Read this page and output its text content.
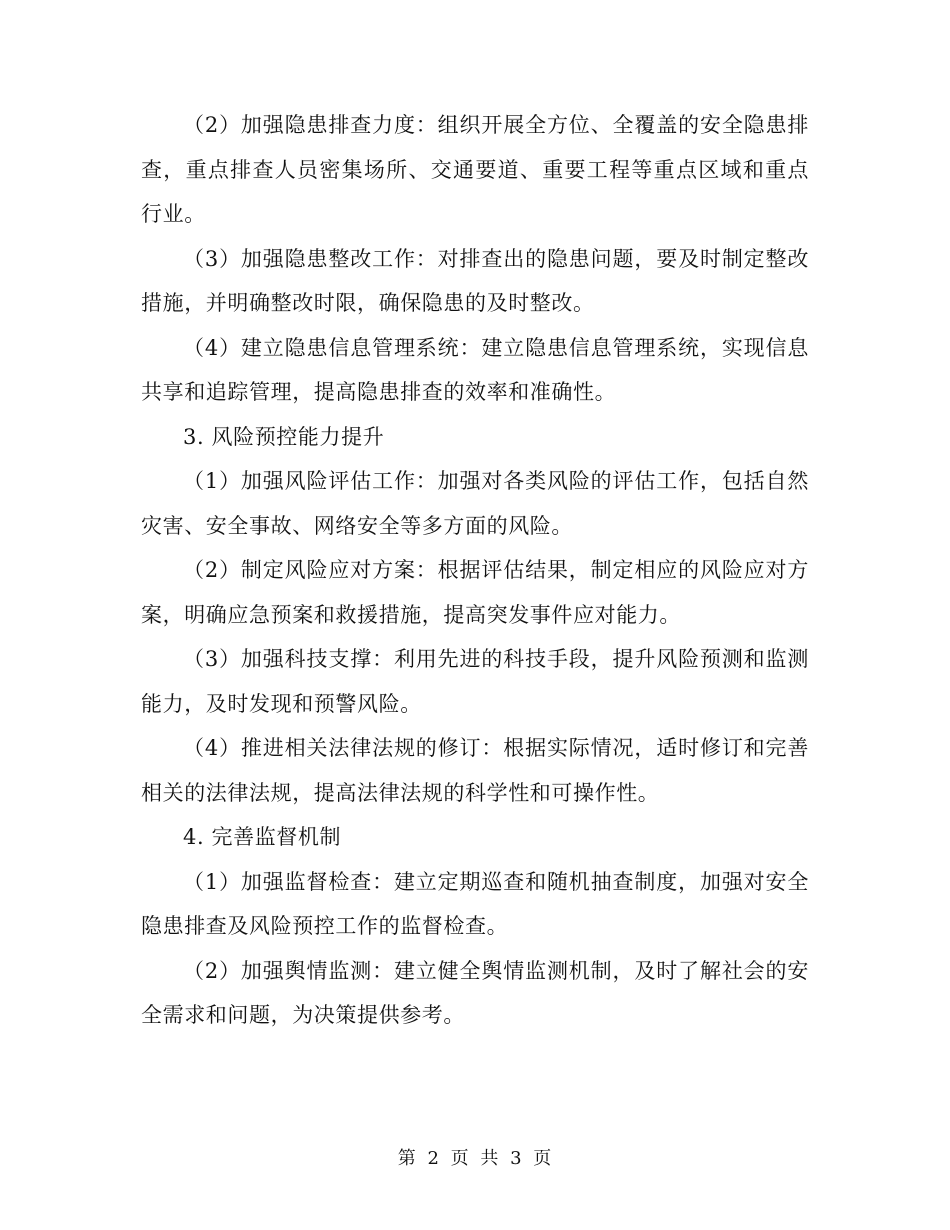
（2）加强隐患排查力度：组织开展全方位、全覆盖的安全隐患排查，重点排查人员密集场所、交通要道、重要工程等重点区域和重点行业。

（3）加强隐患整改工作：对排查出的隐患问题，要及时制定整改措施，并明确整改时限，确保隐患的及时整改。

（4）建立隐患信息管理系统：建立隐患信息管理系统，实现信息共享和追踪管理，提高隐患排查的效率和准确性。

3. 风险预控能力提升

（1）加强风险评估工作：加强对各类风险的评估工作，包括自然灾害、安全事故、网络安全等多方面的风险。

（2）制定风险应对方案：根据评估结果，制定相应的风险应对方案，明确应急预案和救援措施，提高突发事件应对能力。

（3）加强科技支撑：利用先进的科技手段，提升风险预测和监测能力，及时发现和预警风险。

（4）推进相关法律法规的修订：根据实际情况，适时修订和完善相关的法律法规，提高法律法规的科学性和可操作性。

4. 完善监督机制

（1）加强监督检查：建立定期巡查和随机抽查制度，加强对安全隐患排查及风险预控工作的监督检查。

（2）加强舆情监测：建立健全舆情监测机制，及时了解社会的安全需求和问题，为决策提供参考。

第 2 页 共 3 页
